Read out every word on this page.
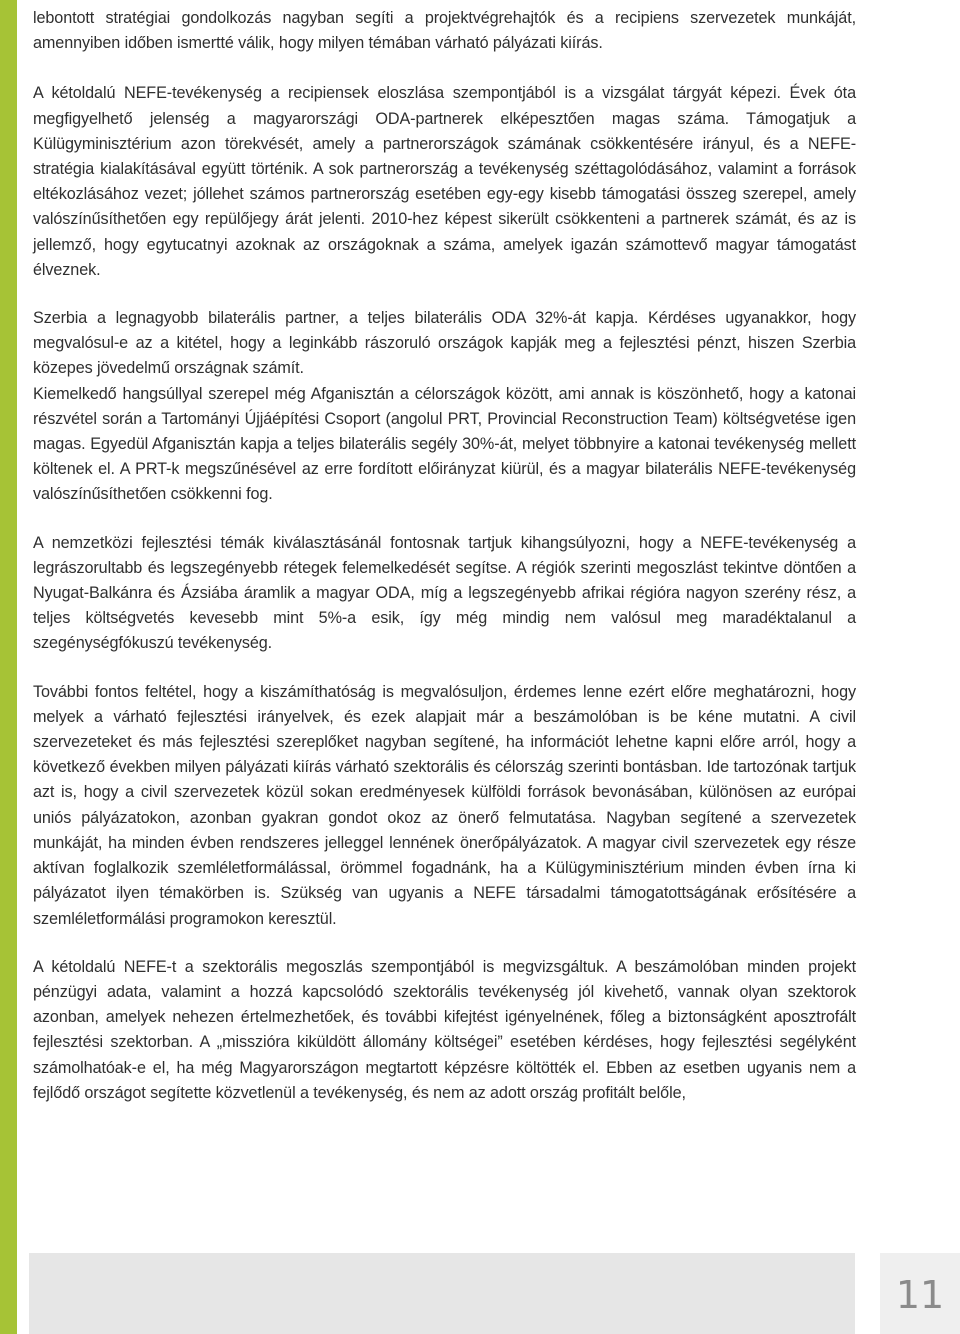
lebontott stratégiai gondolkozás nagyban segíti a projektvégrehajtók és a recipiens szervezetek munkáját, amennyiben időben ismertté válik, hogy milyen témában várható pályázati kiírás.

A kétoldalú NEFE-tevékenység a recipiensek eloszlása szempontjából is a vizsgálat tárgyát képezi. Évek óta megfigyelhető jelenség a magyarországi ODA-partnerek elképesztően magas száma. Támogatjuk a Külügyminisztérium azon törekvését, amely a partnerországok számának csökkentésére irányul, és a NEFE-stratégia kialakításával együtt történik. A sok partnerország a tevékenység széttagolódásához, valamint a források eltékozlásához vezet; jóllehet számos partnerország esetében egy-egy kisebb támogatási összeg szerepel, amely valószínűsíthetően egy repülőjegy árát jelenti. 2010-hez képest sikerült csökkenteni a partnerek számát, és az is jellemző, hogy egytucatnyi azoknak az országoknak a száma, amelyek igazán számottevő magyar támogatást élveznek.

Szerbia a legnagyobb bilaterális partner, a teljes bilaterális ODA 32%-át kapja. Kérdéses ugyanakkor, hogy megvalósul-e az a kitétel, hogy a leginkább rászoruló országok kapják meg a fejlesztési pénzt, hiszen Szerbia közepes jövedelmű országnak számít.

Kiemelkedő hangsúllyal szerepel még Afganisztán a célországok között, ami annak is köszönhető, hogy a katonai részvétel során a Tartományi Újjáépítési Csoport (angolul PRT, Provincial Reconstruction Team) költségvetése igen magas. Egyedül Afganisztán kapja a teljes bilaterális segély 30%-át, melyet többnyire a katonai tevékenység mellett költenek el. A PRT-k megszűnésével az erre fordított előirányzat kiürül, és a magyar bilaterális NEFE-tevékenység valószínűsíthetően csökkenni fog.

A nemzetközi fejlesztési témák kiválasztásánál fontosnak tartjuk kihangsúlyozni, hogy a NEFE-tevékenység a legrászorultabb és legszegényebb rétegek felemelkedését segítse. A régiók szerinti megoszlást tekintve döntően a Nyugat-Balkánra és Ázsiába áramlik a magyar ODA, míg a legszegényebb afrikai régióra nagyon szerény rész, a teljes költségvetés kevesebb mint 5%-a esik, így még mindig nem valósul meg maradéktalanul a szegénységfókuszú tevékenység.

További fontos feltétel, hogy a kiszámíthatóság is megvalósuljon, érdemes lenne ezért előre meghatározni, hogy melyek a várható fejlesztési irányelvek, és ezek alapjait már a beszámolóban is be kéne mutatni. A civil szervezeteket és más fejlesztési szereplőket nagyban segítené, ha információt lehetne kapni előre arról, hogy a következő években milyen pályázati kiírás várható szektorális és célország szerinti bontásban. Ide tartozónak tartjuk azt is, hogy a civil szervezetek közül sokan eredményesek külföldi források bevonásában, különösen az európai uniós pályázatokon, azonban gyakran gondot okoz az önerő felmutatása. Nagyban segítené a szervezetek munkáját, ha minden évben rendszeres jelleggel lennének önerőpályázatok. A magyar civil szervezetek egy része aktívan foglalkozik szemléletformálással, örömmel fogadnánk, ha a Külügyminisztérium minden évben írna ki pályázatot ilyen témakörben is. Szükség van ugyanis a NEFE társadalmi támogatottságának erősítésére a szemléletformálási programokon keresztül.

A kétoldalú NEFE-t a szektorális megoszlás szempontjából is megvizsgáltuk. A beszámolóban minden projekt pénzügyi adata, valamint a hozzá kapcsolódó szektorális tevékenység jól kivehető, vannak olyan szektorok azonban, amelyek nehezen értelmezhetőek, és további kifejtést igényelnének, főleg a biztonságként aposztrofált fejlesztési szektorban. A „misszióra kiküldött állomány költségei” esetében kérdéses, hogy fejlesztési segélyként számolhatóak-e el, ha még Magyarországon megtartott képzésre költötték el. Ebben az esetben ugyanis nem a fejlődő országot segítette közvetlenül a tevékenység, és nem az adott ország profitált belőle,

11
